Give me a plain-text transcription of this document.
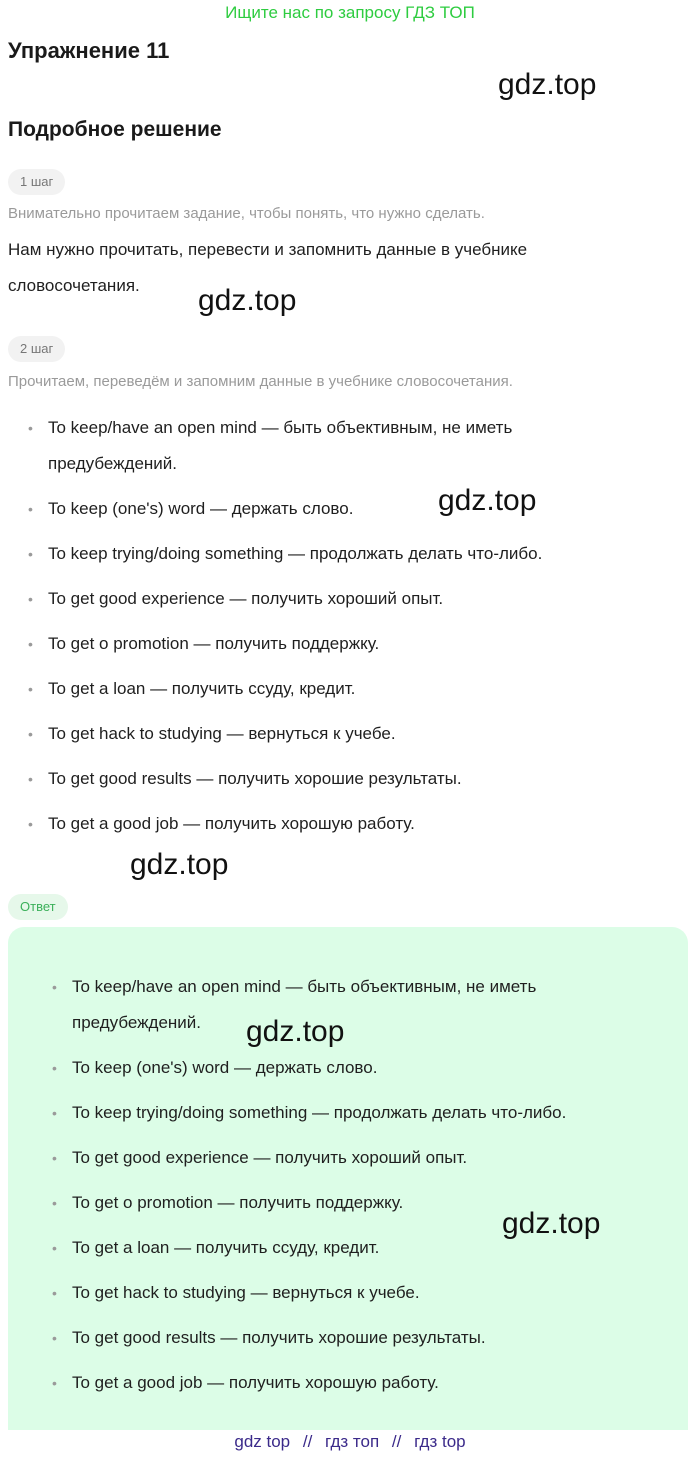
Ищите нас по запросу ГДЗ ТОП
Упражнение 11
gdz.top
Подробное решение
1 шаг
Внимательно прочитаем задание, чтобы понять, что нужно сделать.
Нам нужно прочитать, перевести и запомнить данные в учебнике
словосочетания.	gdz.top
2 шаг
Прочитаем, переведём и запомним данные в учебнике словосочетания.
• To keep/have an open mind — быть объективным, не иметь
предубеждений.
• To keep (one's) word — держать слово.
• To keep trying/doing something — продолжать делать что-либо.
• To get good experience — получить хороший опыт.
• To get o promotion — получить поддержку.
• To get a loan — получить ссуду, кредит.
• To get hack to studying — вернуться к учебе.
• To get good results — получить хорошие результаты.
• To get a good job — получить хорошую работу.
gdz.top
gdz.top
Ответ
• To keep/have an open mind — быть объективным, не иметь
предубеждений.
• To keep (one's) word — держать слово.
• To keep trying/doing something — продолжать делать что-либо.
• To get good experience — получить хороший опыт.
• To get o promotion — получить поддержку.
• To get a loan — получить ссуду, кредит.
• To get hack to studying — вернуться к учебе.
• To get good results — получить хорошие результаты.
• To get a good job — получить хорошую работу.
gdz.top
gdz.top
gdz top // гдз топ // гдз top
